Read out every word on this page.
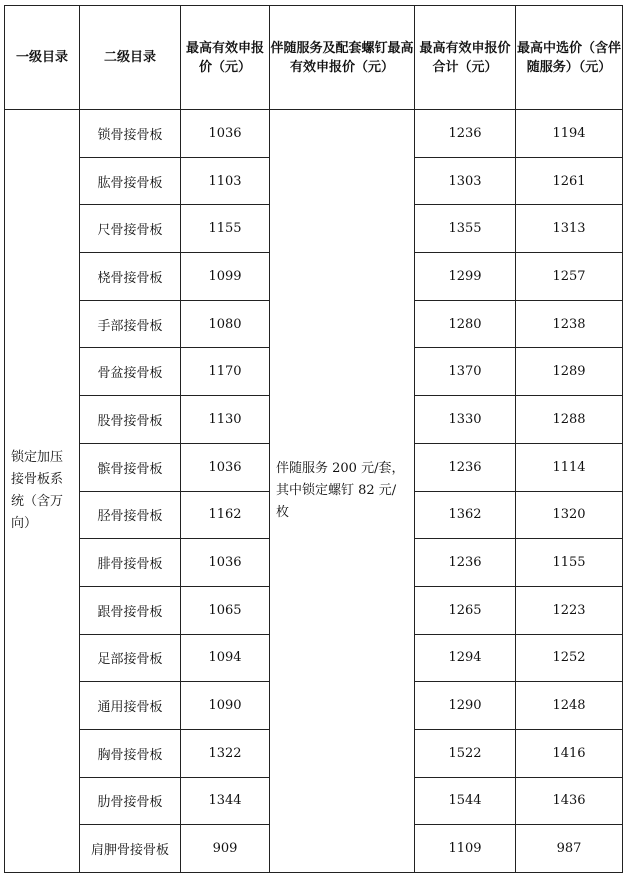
一级目录	二级目录	最高有效申报价（元）	伴随服务及配套螺钉最高有效申报价（元）	最高有效申报价合计（元）	最高中选价（含伴随服务）（元）
锁定加压接骨板系统（含万向）	锁骨接骨板	1036	伴随服务 200 元/套，其中锁定螺钉 82 元/枚	1236	1194
	肱骨接骨板	1103		1303	1261
	尺骨接骨板	1155		1355	1313
	桡骨接骨板	1099		1299	1257
	手部接骨板	1080		1280	1238
	骨盆接骨板	1170		1370	1289
	股骨接骨板	1130		1330	1288
	髌骨接骨板	1036		1236	1114
	胫骨接骨板	1162		1362	1320
	腓骨接骨板	1036		1236	1155
	跟骨接骨板	1065		1265	1223
	足部接骨板	1094		1294	1252
	通用接骨板	1090		1290	1248
	胸骨接骨板	1322		1522	1416
	肋骨接骨板	1344		1544	1436
	肩胛骨接骨板	909		1109	987
